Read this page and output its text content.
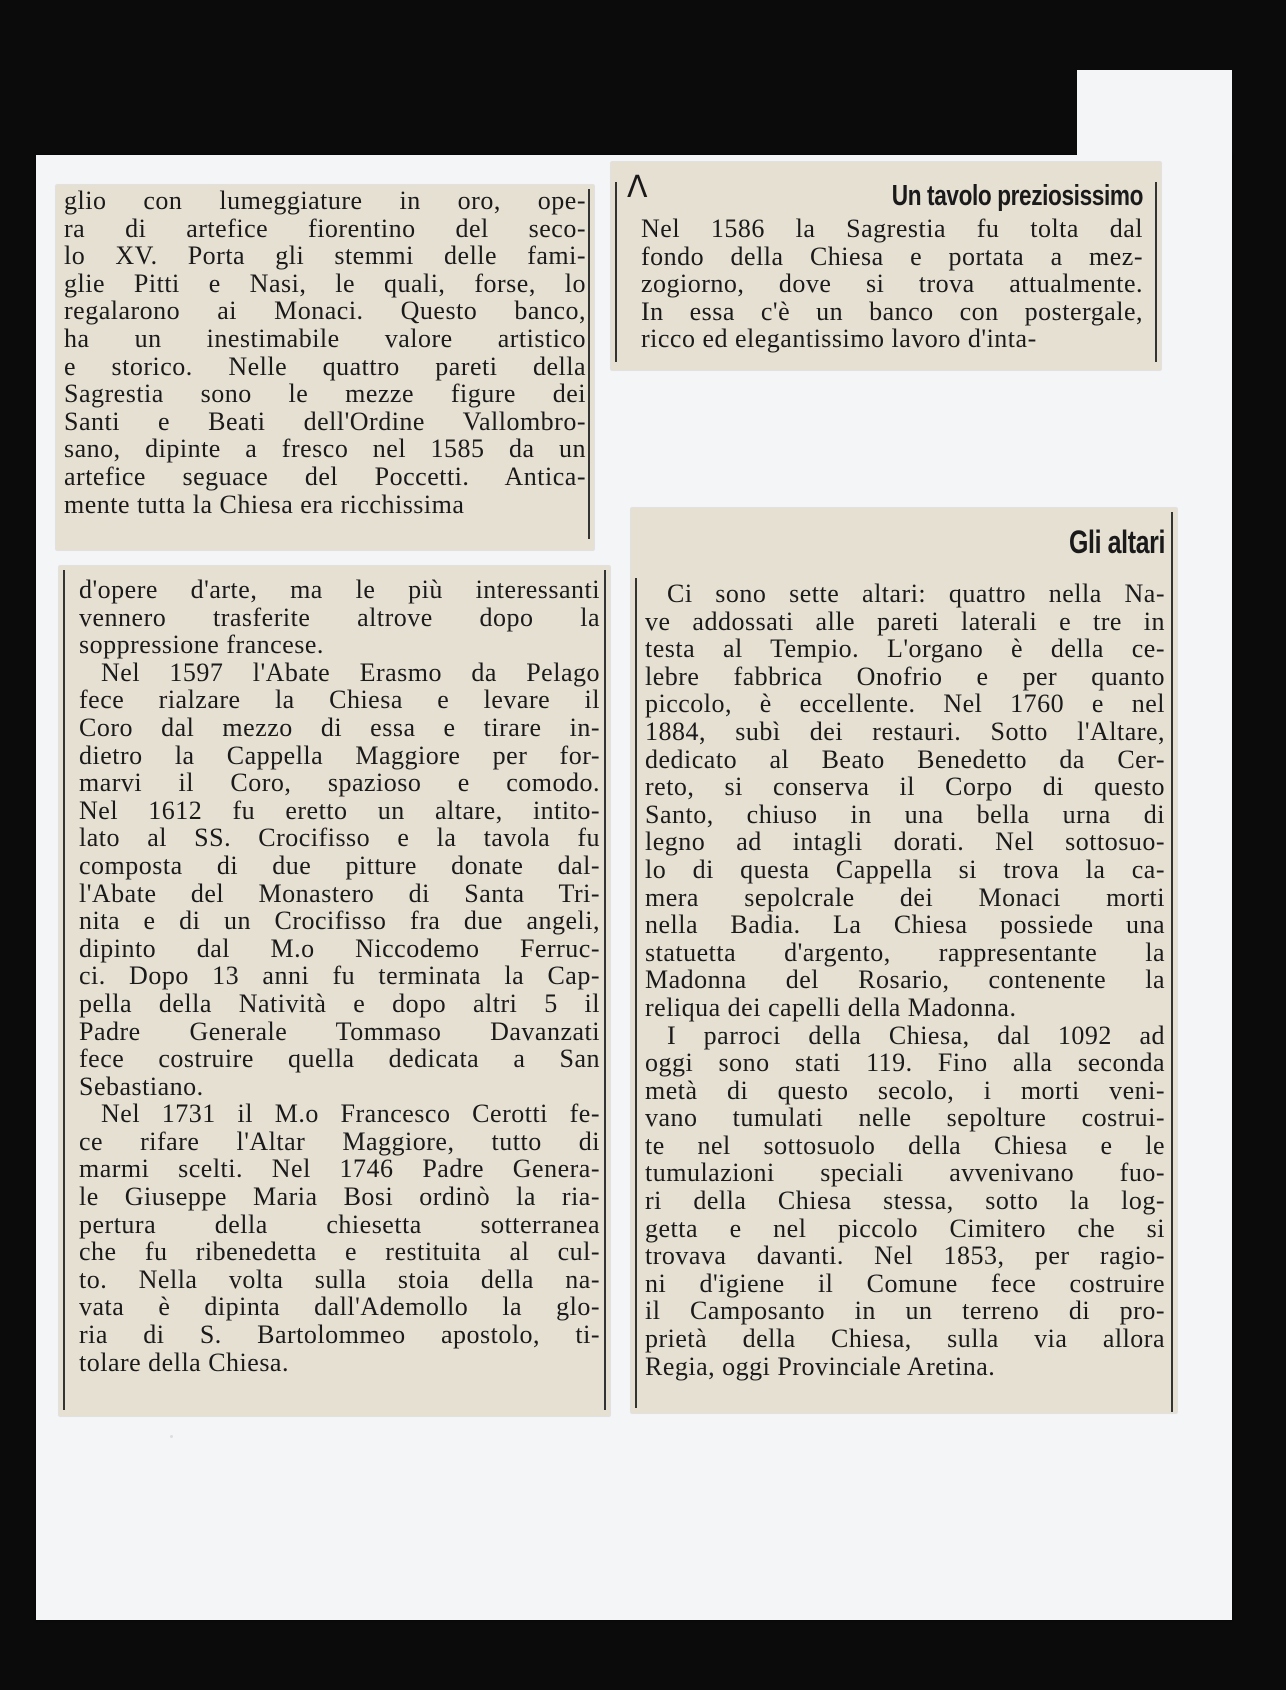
glio con lumeggiature in oro, ope-
ra di artefice fiorentino del seco-
lo XV. Porta gli stemmi delle fami-
glie Pitti e Nasi, le quali, forse, lo
regalarono ai Monaci. Questo banco,
ha un inestimabile valore artistico
e storico. Nelle quattro pareti della
Sagrestia sono le mezze figure dei
Santi e Beati dell'Ordine Vallombro-
sano, dipinte a fresco nel 1585 da un
artefice seguace del Poccetti. Antica-
mente tutta la Chiesa era ricchissima
Λ	Un tavolo preziosissimo
Nel 1586 la Sagrestia fu tolta dal
fondo della Chiesa e portata a mez-
zogiorno, dove si trova attualmente.
In essa c'è un banco con postergale,
ricco ed elegantissimo lavoro d'inta-
d'opere d'arte, ma le più interessanti
vennero trasferite altrove dopo la
soppressione francese.
Nel 1597 l'Abate Erasmo da Pelago
fece rialzare la Chiesa e levare il
Coro dal mezzo di essa e tirare in-
dietro la Cappella Maggiore per for-
marvi il Coro, spazioso e comodo.
Nel 1612 fu eretto un altare, intito-
lato al SS. Crocifisso e la tavola fu
composta di due pitture donate dal-
l'Abate del Monastero di Santa Tri-
nita e di un Crocifisso fra due angeli,
dipinto dal M.o Niccodemo Ferruc-
ci. Dopo 13 anni fu terminata la Cap-
pella della Natività e dopo altri 5 il
Padre Generale Tommaso Davanzati
fece costruire quella dedicata a San
Sebastiano.
Nel 1731 il M.o Francesco Cerotti fe-
ce rifare l'Altar Maggiore, tutto di
marmi scelti. Nel 1746 Padre Genera-
le Giuseppe Maria Bosi ordinò la ria-
pertura della chiesetta sotterranea
che fu ribenedetta e restituita al cul-
to. Nella volta sulla stoia della na-
vata è dipinta dall'Ademollo la glo-
ria di S. Bartolommeo apostolo, ti-
tolare della Chiesa.
Gli altari
Ci sono sette altari: quattro nella Na-
ve addossati alle pareti laterali e tre in
testa al Tempio. L'organo è della ce-
lebre fabbrica Onofrio e per quanto
piccolo, è eccellente. Nel 1760 e nel
1884, subì dei restauri. Sotto l'Altare,
dedicato al Beato Benedetto da Cer-
reto, si conserva il Corpo di questo
Santo, chiuso in una bella urna di
legno ad intagli dorati. Nel sottosuo-
lo di questa Cappella si trova la ca-
mera sepolcrale dei Monaci morti
nella Badia. La Chiesa possiede una
statuetta d'argento, rappresentante la
Madonna del Rosario, contenente la
reliqua dei capelli della Madonna.
I parroci della Chiesa, dal 1092 ad
oggi sono stati 119. Fino alla seconda
metà di questo secolo, i morti veni-
vano tumulati nelle sepolture costrui-
te nel sottosuolo della Chiesa e le
tumulazioni speciali avvenivano fuo-
ri della Chiesa stessa, sotto la log-
getta e nel piccolo Cimitero che si
trovava davanti. Nel 1853, per ragio-
ni d'igiene il Comune fece costruire
il Camposanto in un terreno di pro-
prietà della Chiesa, sulla via allora
Regia, oggi Provinciale Aretina.
